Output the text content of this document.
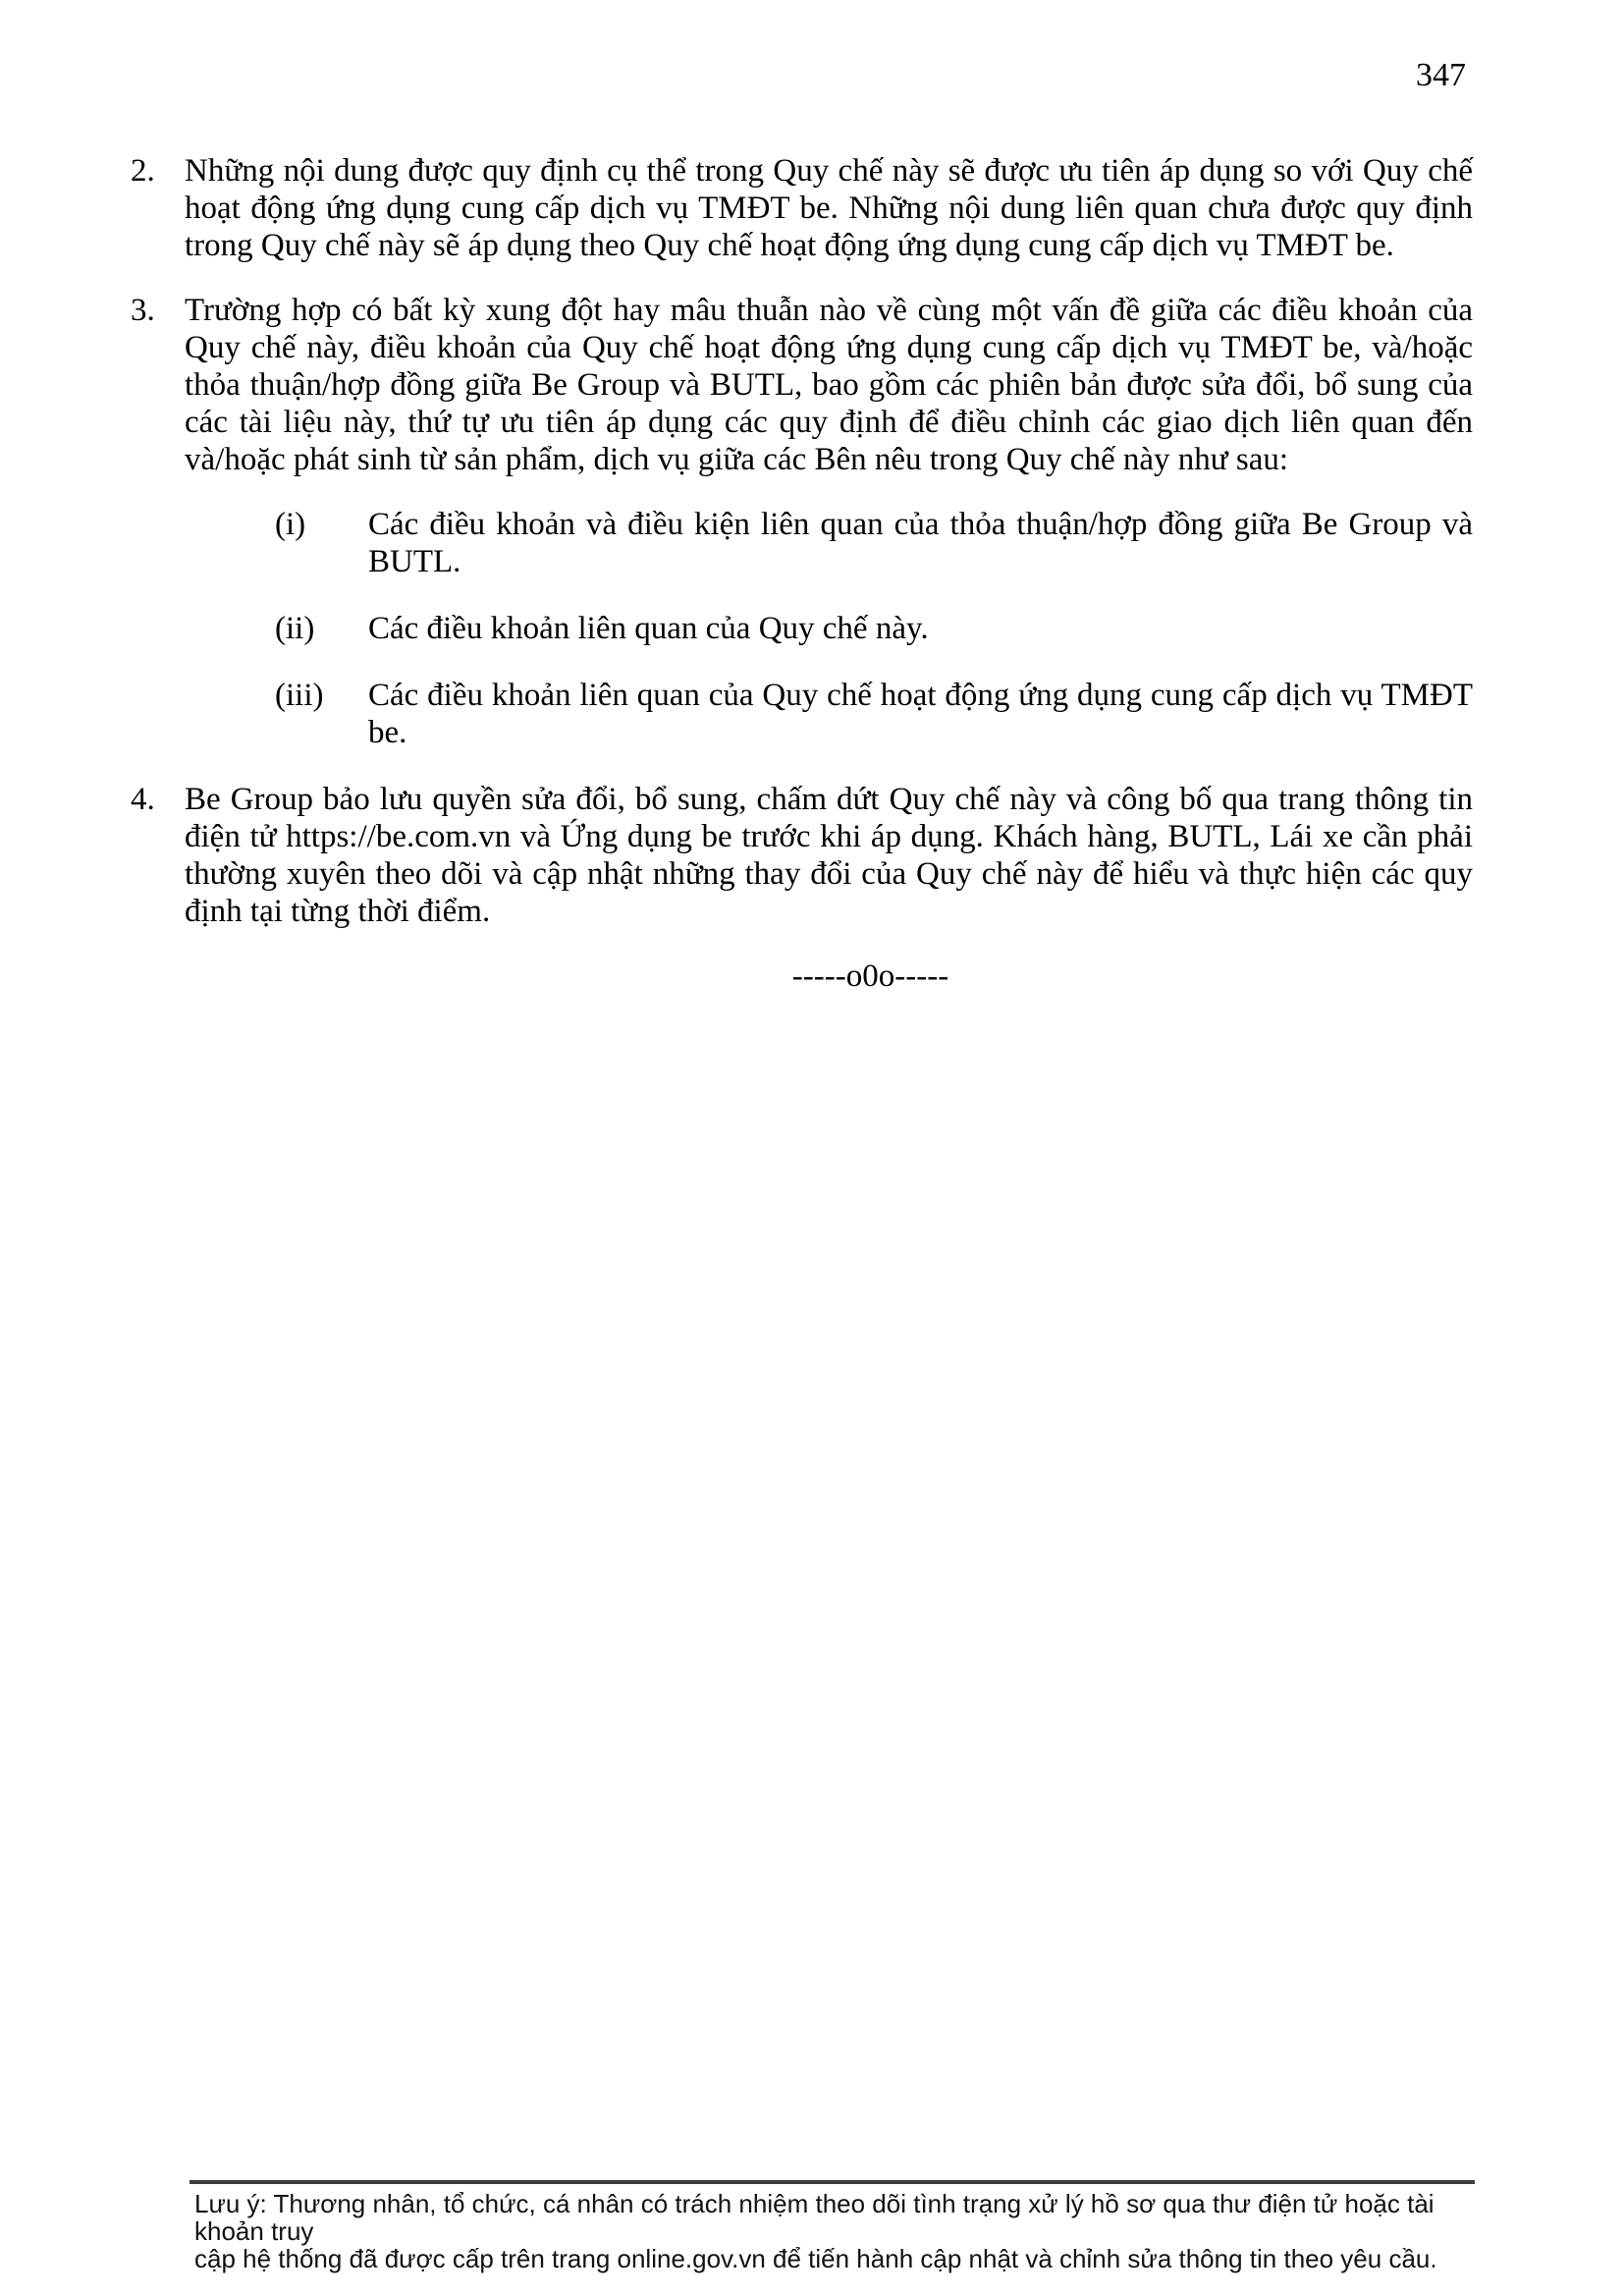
347
2. Những nội dung được quy định cụ thể trong Quy chế này sẽ được ưu tiên áp dụng so với Quy chế hoạt động ứng dụng cung cấp dịch vụ TMĐT be. Những nội dung liên quan chưa được quy định trong Quy chế này sẽ áp dụng theo Quy chế hoạt động ứng dụng cung cấp dịch vụ TMĐT be.
3. Trường hợp có bất kỳ xung đột hay mâu thuẫn nào về cùng một vấn đề giữa các điều khoản của Quy chế này, điều khoản của Quy chế hoạt động ứng dụng cung cấp dịch vụ TMĐT be, và/hoặc thỏa thuận/hợp đồng giữa Be Group và BUTL, bao gồm các phiên bản được sửa đổi, bổ sung của các tài liệu này, thứ tự ưu tiên áp dụng các quy định để điều chỉnh các giao dịch liên quan đến và/hoặc phát sinh từ sản phẩm, dịch vụ giữa các Bên nêu trong Quy chế này như sau:
(i) Các điều khoản và điều kiện liên quan của thỏa thuận/hợp đồng giữa Be Group và BUTL.
(ii) Các điều khoản liên quan của Quy chế này.
(iii) Các điều khoản liên quan của Quy chế hoạt động ứng dụng cung cấp dịch vụ TMĐT be.
4. Be Group bảo lưu quyền sửa đổi, bổ sung, chấm dứt Quy chế này và công bố qua trang thông tin điện tử https://be.com.vn và Ứng dụng be trước khi áp dụng. Khách hàng, BUTL, Lái xe cần phải thường xuyên theo dõi và cập nhật những thay đổi của Quy chế này để hiểu và thực hiện các quy định tại từng thời điểm.
-----o0o-----
Lưu ý: Thương nhân, tổ chức, cá nhân có trách nhiệm theo dõi tình trạng xử lý hồ sơ qua thư điện tử hoặc tài khoản truy
cập hệ thống đã được cấp trên trang online.gov.vn để tiến hành cập nhật và chỉnh sửa thông tin theo yêu cầu.
